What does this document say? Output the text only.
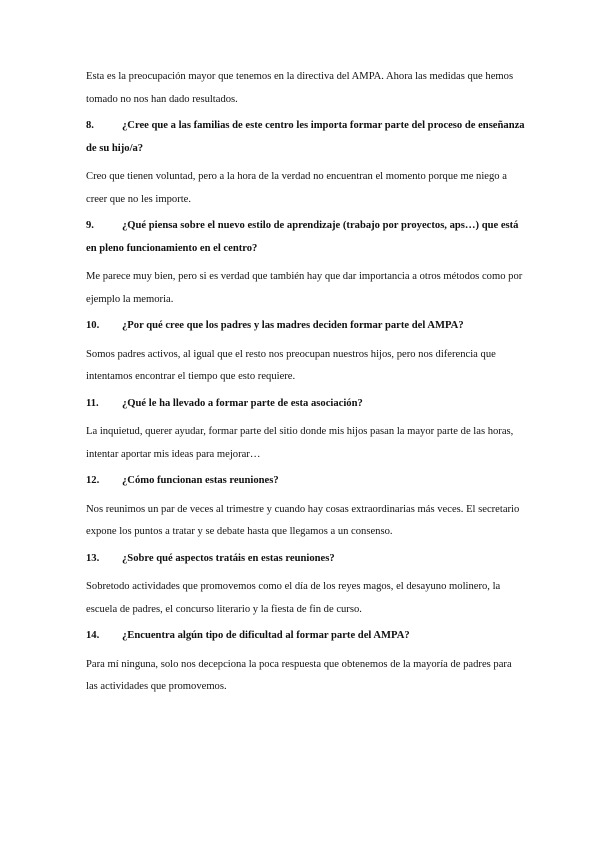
Esta es la preocupación mayor que tenemos en la directiva del AMPA. Ahora las medidas que hemos tomado no nos han dado resultados.

8.	¿Cree que a las familias de este centro les importa formar parte del proceso de enseñanza de su hijo/a?

Creo que tienen voluntad, pero a la hora de la verdad no encuentran el momento porque me niego a creer que no les importe.

9.	¿Qué piensa sobre el nuevo estilo de aprendizaje (trabajo por proyectos, aps…) que está en pleno funcionamiento en el centro?

Me parece muy bien, pero si es verdad que también hay que dar importancia a otros métodos como por ejemplo la memoria.

10. ¿Por qué cree que los padres y las madres deciden formar parte del AMPA?

Somos padres activos, al igual que el resto nos preocupan nuestros hijos, pero nos diferencia que intentamos encontrar el tiempo que esto requiere.

11. ¿Qué le ha llevado a formar parte de esta asociación?

La inquietud, querer ayudar, formar parte del sitio donde mis hijos pasan la mayor parte de las horas, intentar aportar mis ideas para mejorar…

12. ¿Cómo funcionan estas reuniones?

Nos reunimos un par de veces al trimestre y cuando hay cosas extraordinarias más veces. El secretario expone los puntos a tratar y se debate hasta que llegamos a un consenso.

13. ¿Sobre qué aspectos tratáis en estas reuniones?

Sobretodo actividades que promovemos como el día de los reyes magos, el desayuno molinero, la escuela de padres, el concurso literario y la fiesta de fin de curso.

14. ¿Encuentra algún tipo de dificultad al formar parte del AMPA?

Para mí ninguna, solo nos decepciona la poca respuesta que obtenemos de la mayoría de padres para las actividades que promovemos.
